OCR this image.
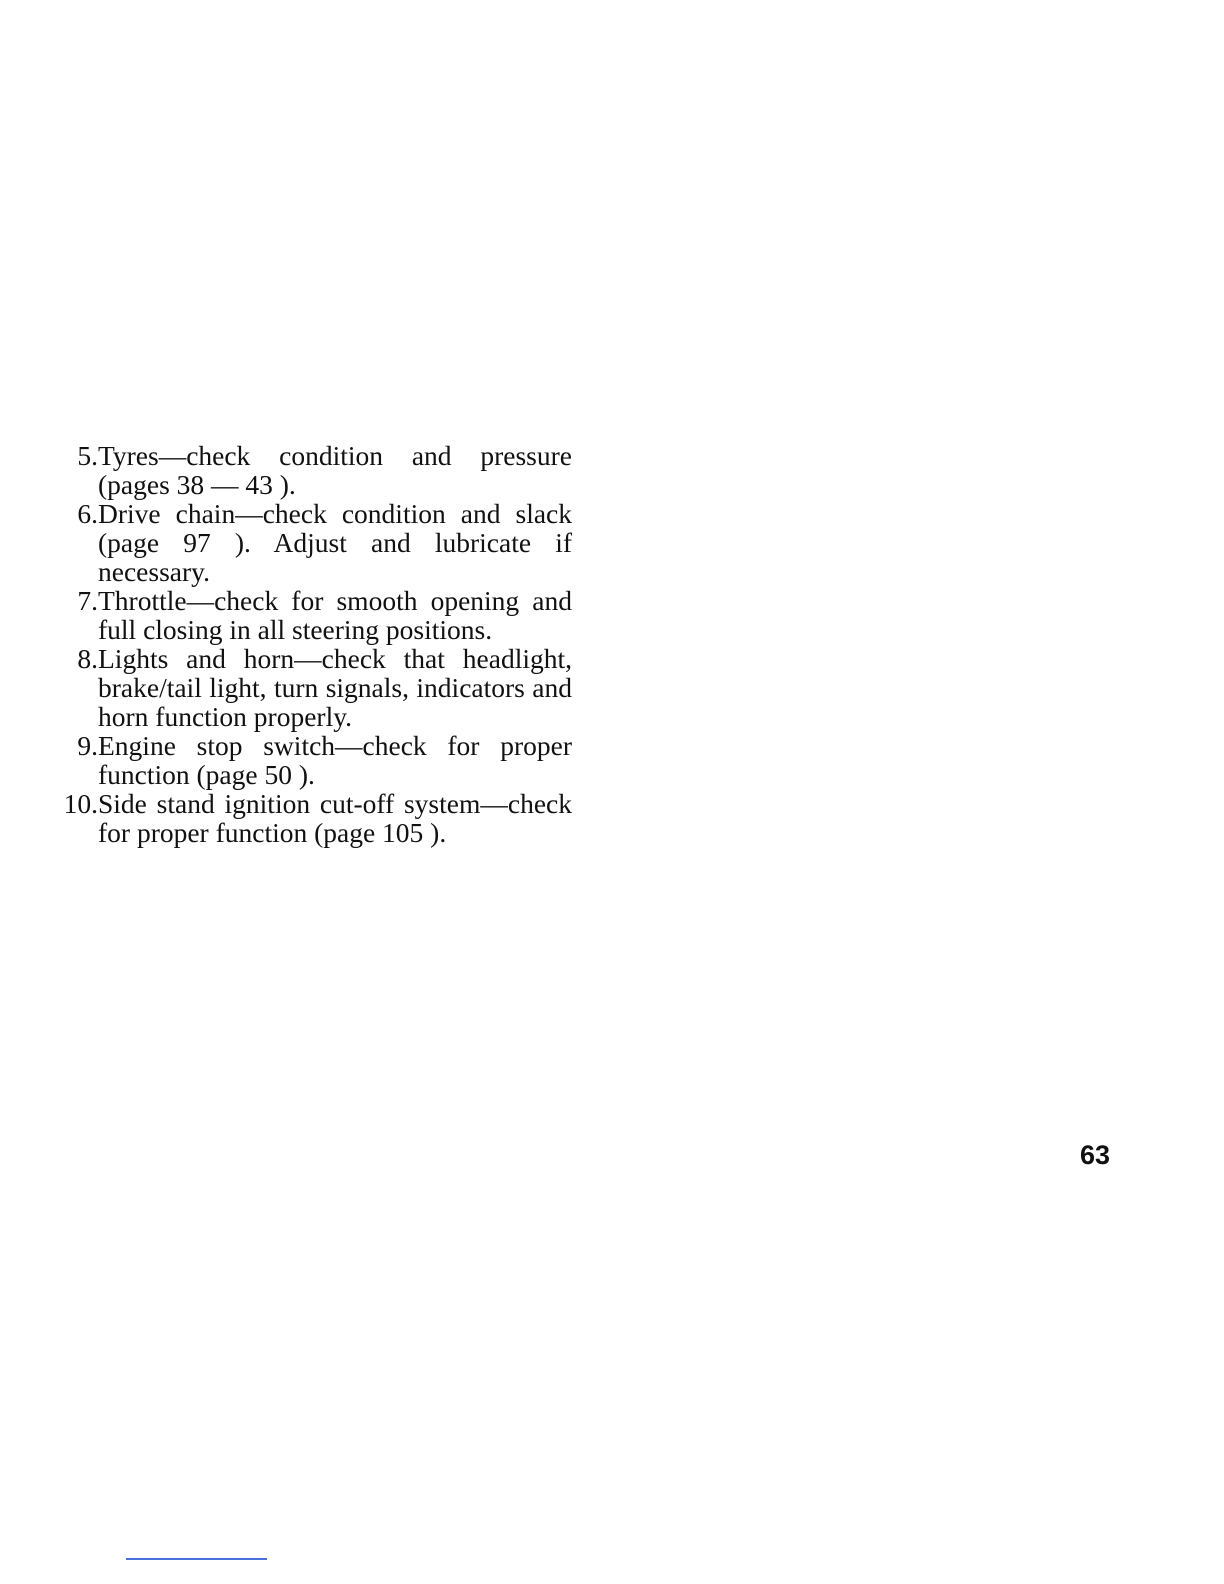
5. Tyres—check condition and pressure (pages 38 — 43 ).
6. Drive chain—check condition and slack (page 97 ). Adjust and lubricate if necessary.
7. Throttle—check for smooth opening and full closing in all steering positions.
8. Lights and horn—check that headlight, brake/tail light, turn signals, indicators and horn function properly.
9. Engine stop switch—check for proper function (page 50 ).
10. Side stand ignition cut-off system—check for proper function (page 105 ).
63
